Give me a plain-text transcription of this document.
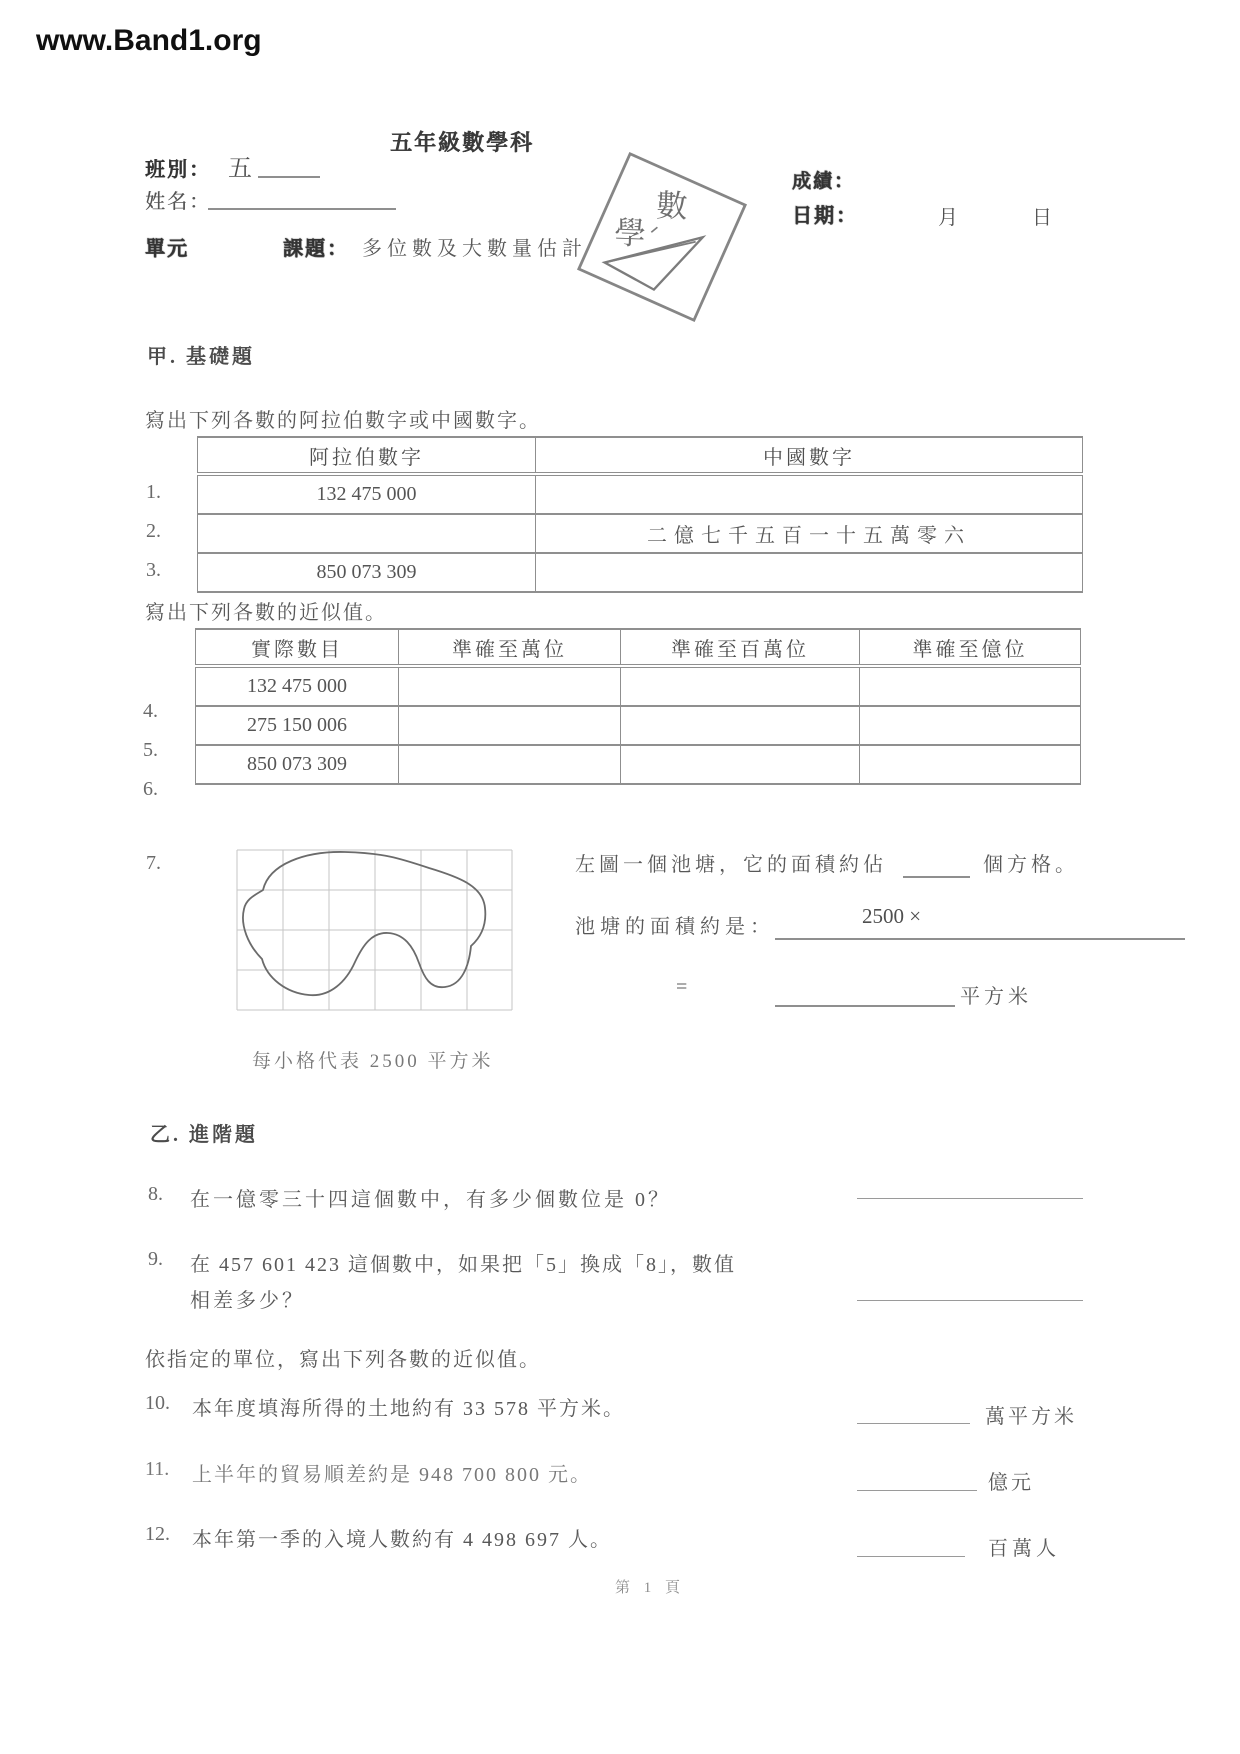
www.Band1.org
五年級數學科
班別： 五
姓名：
成績：
日期：	月	日
單元	課題： 多位數及大數量估計
數
學
甲. 基礎題
寫出下列各數的阿拉伯數字或中國數字。
阿拉伯數字	中國數字
132 475 000	
	二億七千五百一十五萬零六
850 073 309	
1.
2.
3.
寫出下列各數的近似值。
實際數目	準確至萬位	準確至百萬位	準確至億位
132 475 000			
275 150 006			
850 073 309			
4.
5.
6.
7.	左圖一個池塘，它的面積約佔	個方格。
池塘的面積約是：	2500 ×
=	平方米
每小格代表 2500 平方米
乙. 進階題
8. 在一億零三十四這個數中，有多少個數位是 0？
9. 在 457 601 423 這個數中，如果把「5」換成「8」，數值
相差多少？
依指定的單位，寫出下列各數的近似值。
10. 本年度填海所得的土地約有 33 578 平方米。	萬平方米
11. 上半年的貿易順差約是 948 700 800 元。	億元
12. 本年第一季的入境人數約有 4 498 697 人。	百萬人
第 1 頁
